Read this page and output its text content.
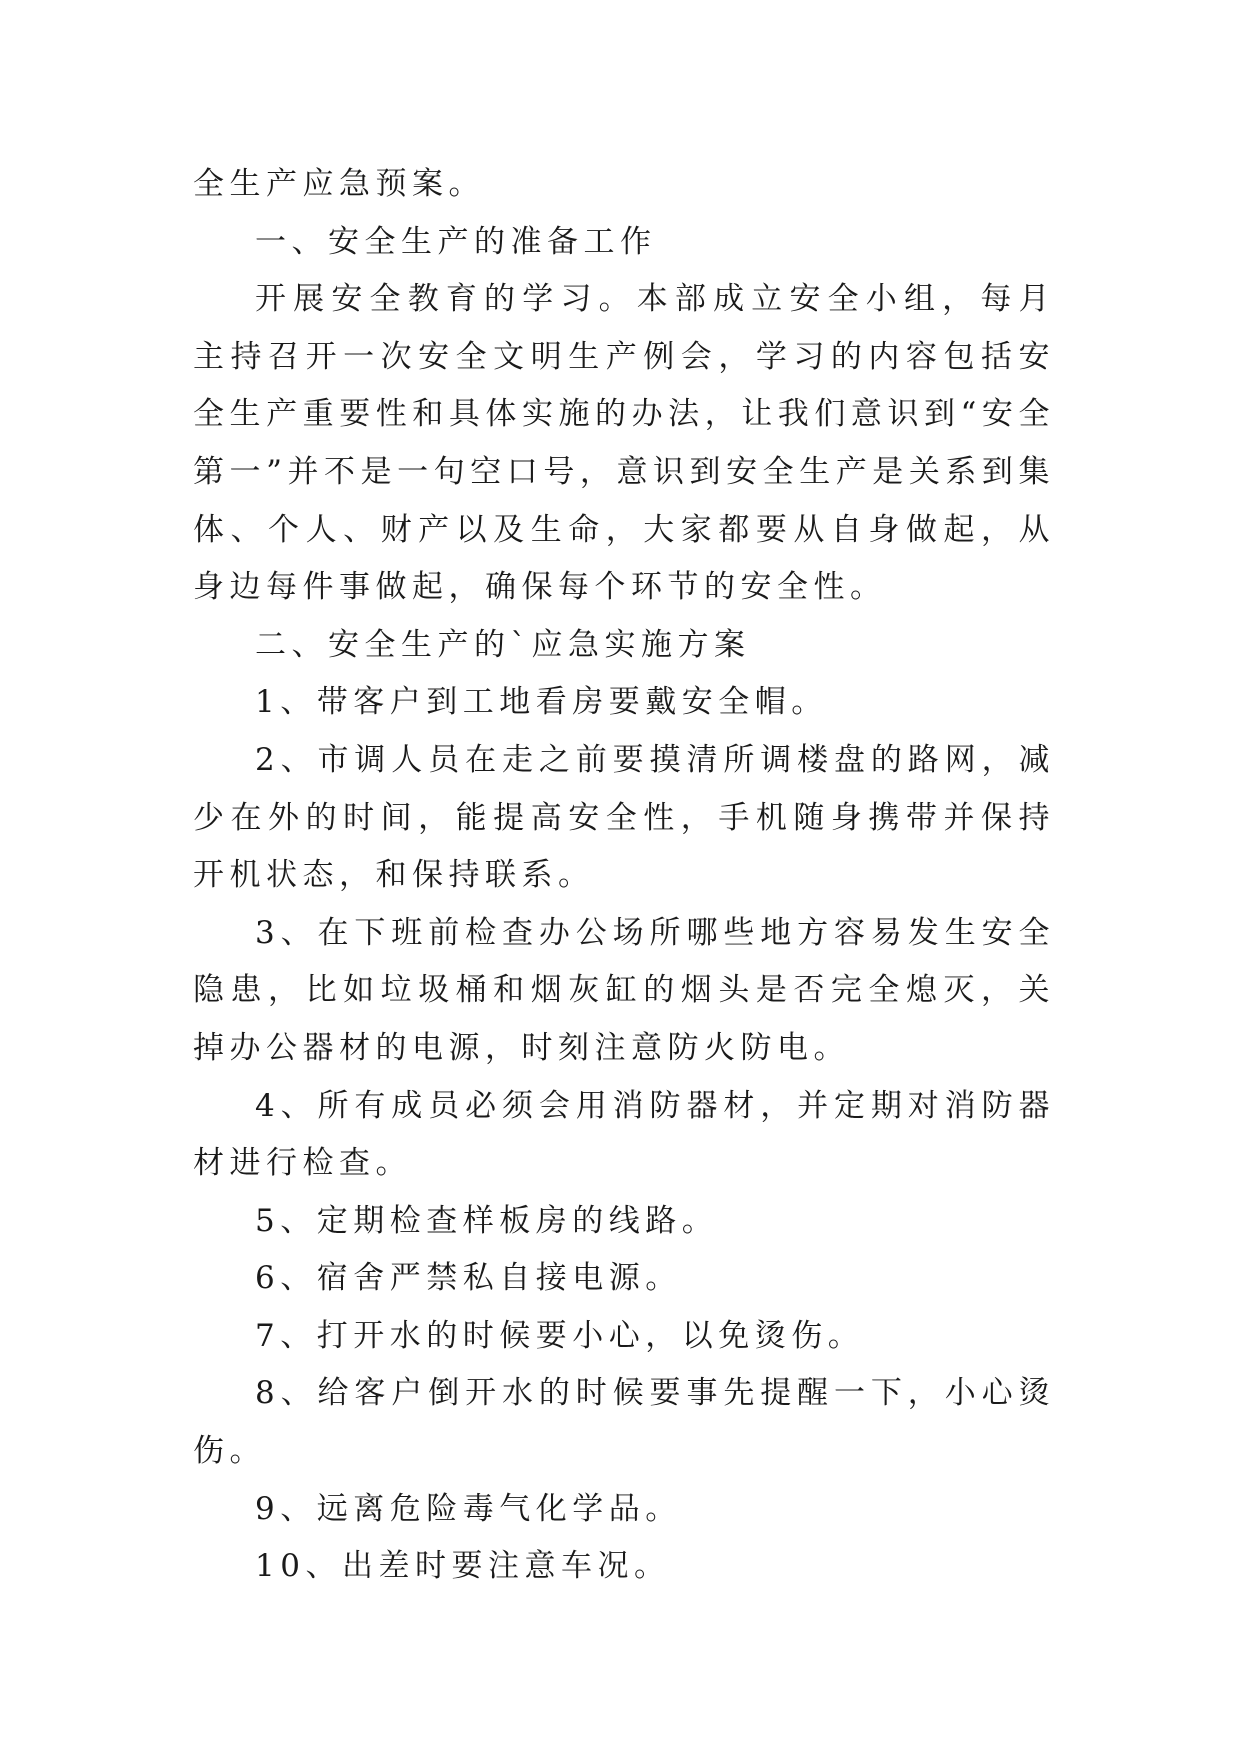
全生产应急预案。

一、安全生产的准备工作

开展安全教育的学习。本部成立安全小组，每月主持召开一次安全文明生产例会，学习的内容包括安全生产重要性和具体实施的办法，让我们意识到“安全第一”并不是一句空口号，意识到安全生产是关系到集体、个人、财产以及生命，大家都要从自身做起，从身边每件事做起，确保每个环节的安全性。

二、安全生产的`应急实施方案

1、带客户到工地看房要戴安全帽。

2、市调人员在走之前要摸清所调楼盘的路网，减少在外的时间，能提高安全性，手机随身携带并保持开机状态，和保持联系。

3、在下班前检查办公场所哪些地方容易发生安全隐患，比如垃圾桶和烟灰缸的烟头是否完全熄灭，关掉办公器材的电源，时刻注意防火防电。

4、所有成员必须会用消防器材，并定期对消防器材进行检查。

5、定期检查样板房的线路。

6、宿舍严禁私自接电源。

7、打开水的时候要小心，以免烫伤。

8、给客户倒开水的时候要事先提醒一下，小心烫伤。

9、远离危险毒气化学品。

10、出差时要注意车况。
